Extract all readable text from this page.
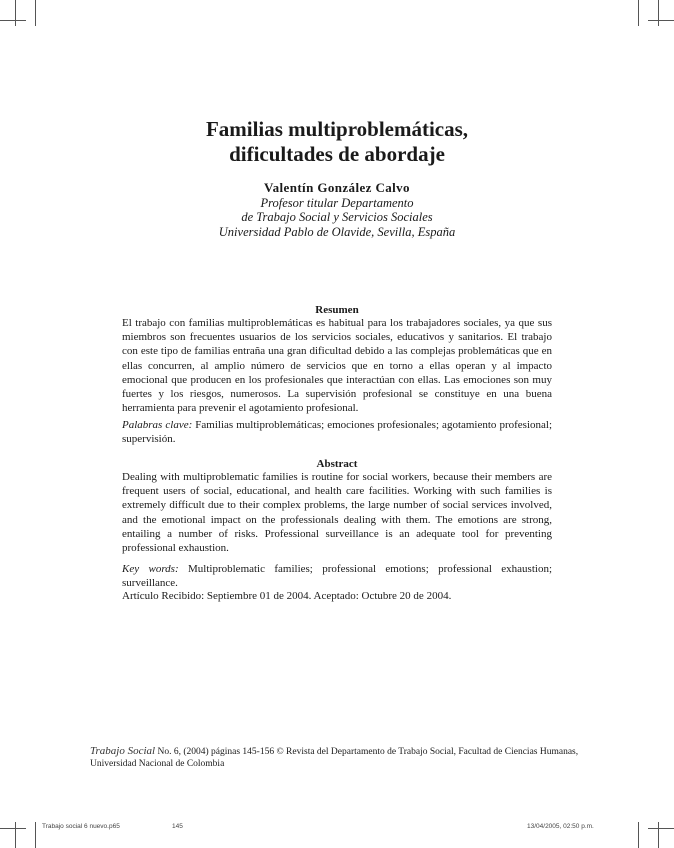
Familias multiproblemáticas,
dificultades de abordaje
Valentín González Calvo
Profesor titular Departamento
de Trabajo Social y Servicios Sociales
Universidad Pablo de Olavide, Sevilla, España
Resumen
El trabajo con familias multiproblemáticas es habitual para los trabajadores sociales, ya que sus miembros son frecuentes usuarios de los servicios sociales, educativos y sanitarios. El trabajo con este tipo de familias entraña una gran dificultad debido a las complejas problemáticas que en ellas concurren, al amplio número de servicios que en torno a ellas operan y al impacto emocional que producen en los profesionales que interactúan con ellas. Las emociones son muy fuertes y los riesgos, numerosos. La supervisión profesional se constituye en una buena herramienta para prevenir el agotamiento profesional.
Palabras clave: Familias multiproblemáticas; emociones profesionales; agotamiento profesional; supervisión.
Abstract
Dealing with multiproblematic families is routine for social workers, because their members are frequent users of social, educational, and health care facilities. Working with such families is extremely difficult due to their complex problems, the large number of social services involved, and the emotional impact on the professionals dealing with them. The emotions are strong, entailing a number of risks. Professional surveillance is an adequate tool for preventing professional exhaustion.
Key words: Multiproblematic families; professional emotions; professional exhaustion; surveillance.
Artículo Recibido: Septiembre 01 de 2004. Aceptado: Octubre 20 de 2004.
Trabajo Social No. 6, (2004) páginas 145-156 © Revista del Departamento de Trabajo Social, Facultad de Ciencias Humanas,
Universidad Nacional de Colombia
Trabajo social 6 nuevo.p65	145	13/04/2005, 02:50 p.m.
